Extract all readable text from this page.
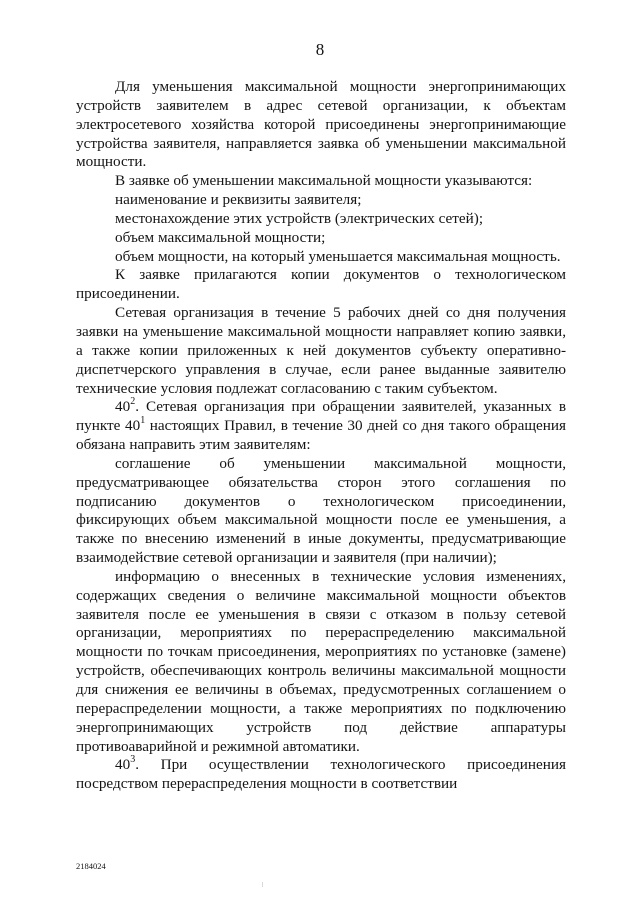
8

Для уменьшения максимальной мощности энергопринимающих устройств заявителем в адрес сетевой организации, к объектам электросетевого хозяйства которой присоединены энергопринимающие устройства заявителя, направляется заявка об уменьшении максимальной мощности.

В заявке об уменьшении максимальной мощности указываются:

наименование и реквизиты заявителя;

местонахождение этих устройств (электрических сетей);

объем максимальной мощности;

объем мощности, на который уменьшается максимальная мощность.

К заявке прилагаются копии документов о технологическом присоединении.

Сетевая организация в течение 5 рабочих дней со дня получения заявки на уменьшение максимальной мощности направляет копию заявки, а также копии приложенных к ней документов субъекту оперативно-диспетчерского управления в случае, если ранее выданные заявителю технические условия подлежат согласованию с таким субъектом.

$40^2$. Сетевая организация при обращении заявителей, указанных в пункте $40^1$ настоящих Правил, в течение 30 дней со дня такого обращения обязана направить этим заявителям:

соглашение об уменьшении максимальной мощности, предусматривающее обязательства сторон этого соглашения по подписанию документов о технологическом присоединении, фиксирующих объем максимальной мощности после ее уменьшения, а также по внесению изменений в иные документы, предусматривающие взаимодействие сетевой организации и заявителя (при наличии);

информацию о внесенных в технические условия изменениях, содержащих сведения о величине максимальной мощности объектов заявителя после ее уменьшения в связи с отказом в пользу сетевой организации, мероприятиях по перераспределению максимальной мощности по точкам присоединения, мероприятиях по установке (замене) устройств, обеспечивающих контроль величины максимальной мощности для снижения ее величины в объемах, предусмотренных соглашением о перераспределении мощности, а также мероприятиях по подключению энергопринимающих устройств под действие аппаратуры противоаварийной и режимной автоматики.

$40^3$. При осуществлении технологического присоединения посредством перераспределения мощности в соответствии

2184024
